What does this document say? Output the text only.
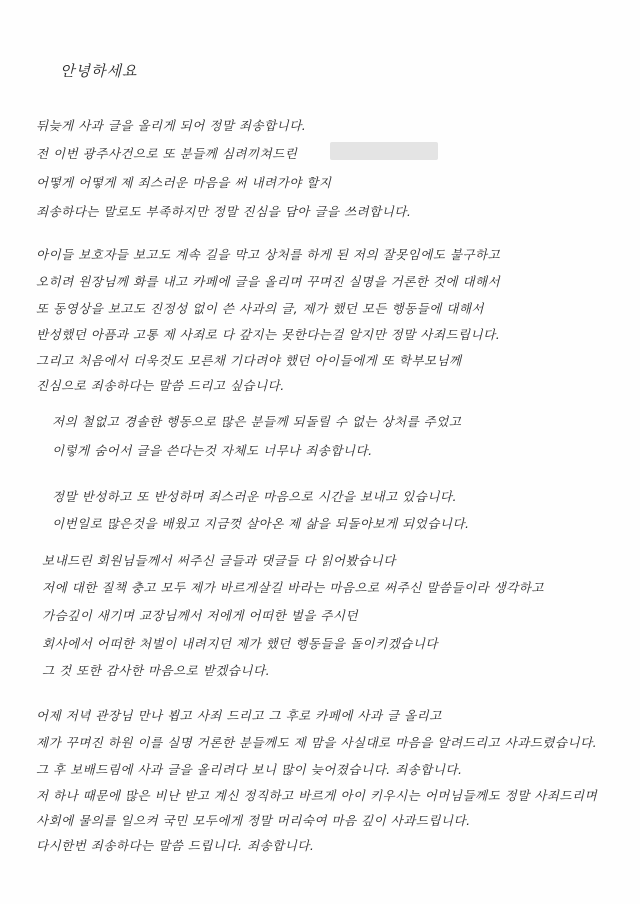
안녕하세요
뒤늦게 사과 글을 올리게 되어 정말 죄송합니다.
전 이번 광주사건으로 또 분들께 심려끼쳐드린
어떻게 어떻게 제 죄스러운 마음을 써 내려가야 할지
죄송하다는 말로도 부족하지만 정말 진심을 담아 글을 쓰려합니다.
아이들 보호자들 보고도 계속 길을 막고 상처를 하게 된 저의 잘못임에도 불구하고
오히려 원장님께 화를 내고 카페에 글을 올리며 꾸며진 실명을 거론한 것에 대해서
또 동영상을 보고도 진정성 없이 쓴 사과의 글, 제가 했던 모든 행동들에 대해서
반성했던 아픔과 고통 제 사죄로 다 갚지는 못한다는걸 알지만 정말 사죄드립니다.
그리고 처음에서 더욱것도 모른채 기다려야 했던 아이들에게 또 학부모님께
진심으로 죄송하다는 말씀 드리고 싶습니다.
저의 철없고 경솔한 행동으로 많은 분들께 되돌릴 수 없는 상처를 주었고
이렇게 숨어서 글을 쓴다는것 자체도 너무나 죄송합니다.
정말 반성하고 또 반성하며 죄스러운 마음으로 시간을 보내고 있습니다.
이번일로 많은것을 배웠고 지금껏 살아온 제 삶을 되돌아보게 되었습니다.
보내드린 회원님들께서 써주신 글들과 댓글들 다 읽어봤습니다
저에 대한 질책 충고 모두 제가 바르게살길 바라는 마음으로 써주신 말씀들이라 생각하고
가슴깊이 새기며 교장님께서 저에게 어떠한 벌을 주시던
회사에서 어떠한 처벌이 내려지던 제가 했던 행동들을 돌이키겠습니다
그 것 또한 감사한 마음으로 받겠습니다.
어제 저녁 관장님 만나 뵙고 사죄 드리고 그 후로 카페에 사과 글 올리고
제가 꾸며진 하원 이를 실명 거론한 분들께도 제 맘을 사실대로 마음을 알려드리고 사과드렸습니다.
그 후 보배드림에 사과 글을 올리려다 보니 많이 늦어졌습니다. 죄송합니다.
저 하나 때문에 많은 비난 받고 계신 정직하고 바르게 아이 키우시는 어머님들께도 정말 사죄드리며
사회에 물의를 일으켜 국민 모두에게 정말 머리숙여 마음 깊이 사과드립니다.
다시한번 죄송하다는 말씀 드립니다. 죄송합니다.
